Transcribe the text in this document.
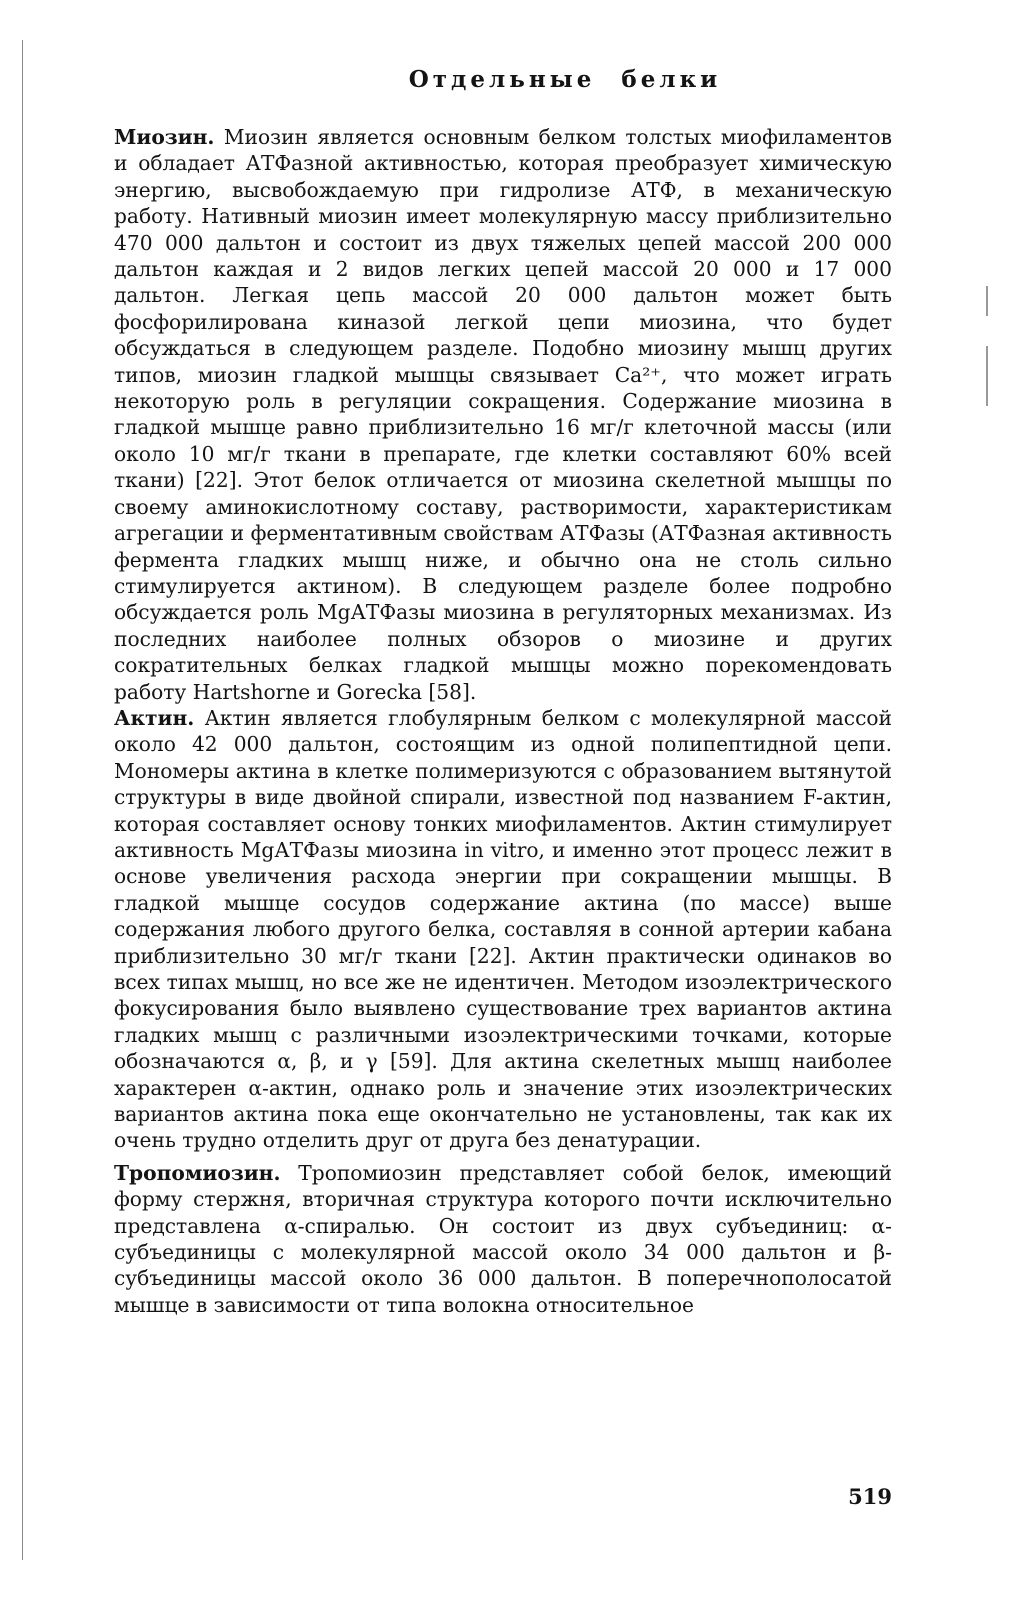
Отдельные белки

Миозин. Миозин является основным белком толстых миофиламентов и обладает АТФазной активностью, которая преобразует химическую энергию, высвобождаемую при гидролизе АТФ, в механическую работу. Нативный миозин имеет молекулярную массу приблизительно 470 000 дальтон и состоит из двух тяжелых цепей массой 200 000 дальтон каждая и 2 видов легких цепей массой 20 000 и 17 000 дальтон. Легкая цепь массой 20 000 дальтон может быть фосфорилирована киназой легкой цепи миозина, что будет обсуждаться в следующем разделе. Подобно миозину мышц других типов, миозин гладкой мышцы связывает Ca²⁺, что может играть некоторую роль в регуляции сокращения. Содержание миозина в гладкой мышце равно приблизительно 16 мг/г клеточной массы (или около 10 мг/г ткани в препарате, где клетки составляют 60% всей ткани) [22]. Этот белок отличается от миозина скелетной мышцы по своему аминокислотному составу, растворимости, характеристикам агрегации и ферментативным свойствам АТФазы (АТФазная активность фермента гладких мышц ниже, и обычно она не столь сильно стимулируется актином). В следующем разделе более подробно обсуждается роль MgАТФазы миозина в регуляторных механизмах. Из последних наиболее полных обзоров о миозине и других сократительных белках гладкой мышцы можно порекомендовать работу Hartshorne и Gorecka [58].

Актин. Актин является глобулярным белком с молекулярной массой около 42 000 дальтон, состоящим из одной полипептидной цепи. Мономеры актина в клетке полимеризуются с образованием вытянутой структуры в виде двойной спирали, известной под названием F-актин, которая составляет основу тонких миофиламентов. Актин стимулирует активность MgАТФазы миозина in vitro, и именно этот процесс лежит в основе увеличения расхода энергии при сокращении мышцы. В гладкой мышце сосудов содержание актина (по массе) выше содержания любого другого белка, составляя в сонной артерии кабана приблизительно 30 мг/г ткани [22]. Актин практически одинаков во всех типах мышц, но все же не идентичен. Методом изоэлектрического фокусирования было выявлено существование трех вариантов актина гладких мышц с различными изоэлектрическими точками, которые обозначаются α, β, и γ [59]. Для актина скелетных мышц наиболее характерен α-актин, однако роль и значение этих изоэлектрических вариантов актина пока еще окончательно не установлены, так как их очень трудно отделить друг от друга без денатурации.

Тропомиозин. Тропомиозин представляет собой белок, имеющий форму стержня, вторичная структура которого почти исключительно представлена α-спиралью. Он состоит из двух субъединиц: α-субъединицы с молекулярной массой около 34 000 дальтон и β-субъединицы массой около 36 000 дальтон. В поперечнополосатой мышце в зависимости от типа волокна относительное

519
